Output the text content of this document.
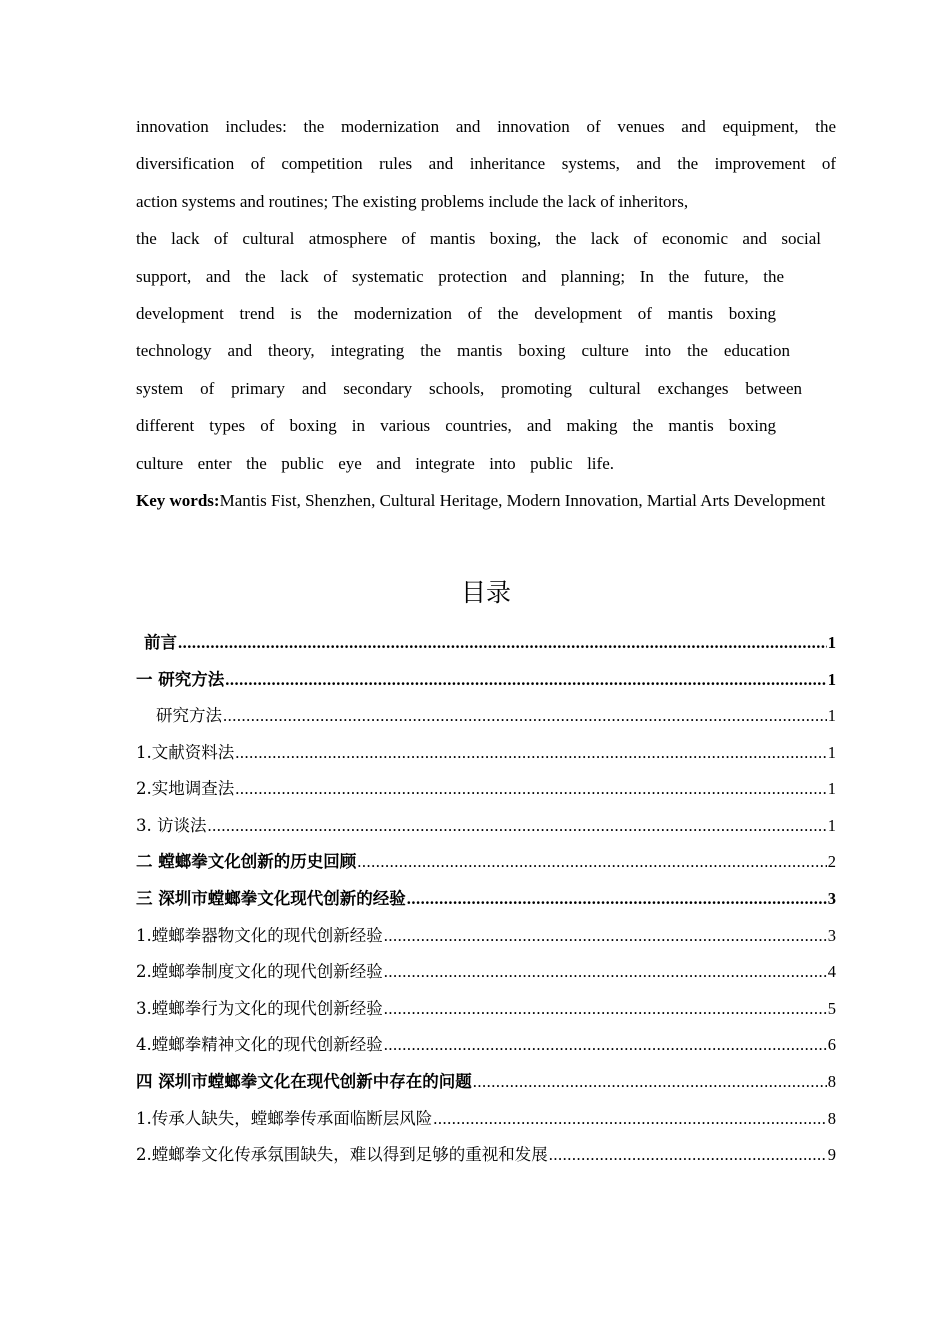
innovation includes: the modernization and innovation of venues and equipment, the
diversification of competition rules and inheritance systems, and the improvement of
action systems and routines; The existing problems include the lack of inheritors,
the lack of cultural atmosphere of mantis boxing, the lack of economic and social
support, and the lack of systematic protection and planning; In the future, the
development trend is the modernization of the development of mantis boxing
technology and theory, integrating the mantis boxing culture into the education
system of primary and secondary schools, promoting cultural exchanges between
different types of boxing in various countries, and making the mantis boxing
culture enter the public eye and integrate into public life.
Key words:Mantis Fist, Shenzhen, Cultural Heritage, Modern Innovation, Martial Arts Development
目录
前言 .....	1
一 研究方法 .....	1
研究方法 .....	1
1.文献资料法 .....	1
2.实地调查法 .....	1
3. 访谈法 .....	1
二 螳螂拳文化创新的历史回顾 .....	2
三 深圳市螳螂拳文化现代创新的经验 .....	3
1.螳螂拳器物文化的现代创新经验 .....	3
2.螳螂拳制度文化的现代创新经验 .....	4
3.螳螂拳行为文化的现代创新经验 .....	5
4.螳螂拳精神文化的现代创新经验 .....	6
四 深圳市螳螂拳文化在现代创新中存在的问题 .....	8
1.传承人缺失，螳螂拳传承面临断层风险 .....	8
2.螳螂拳文化传承氛围缺失，难以得到足够的重视和发展 .....	9
